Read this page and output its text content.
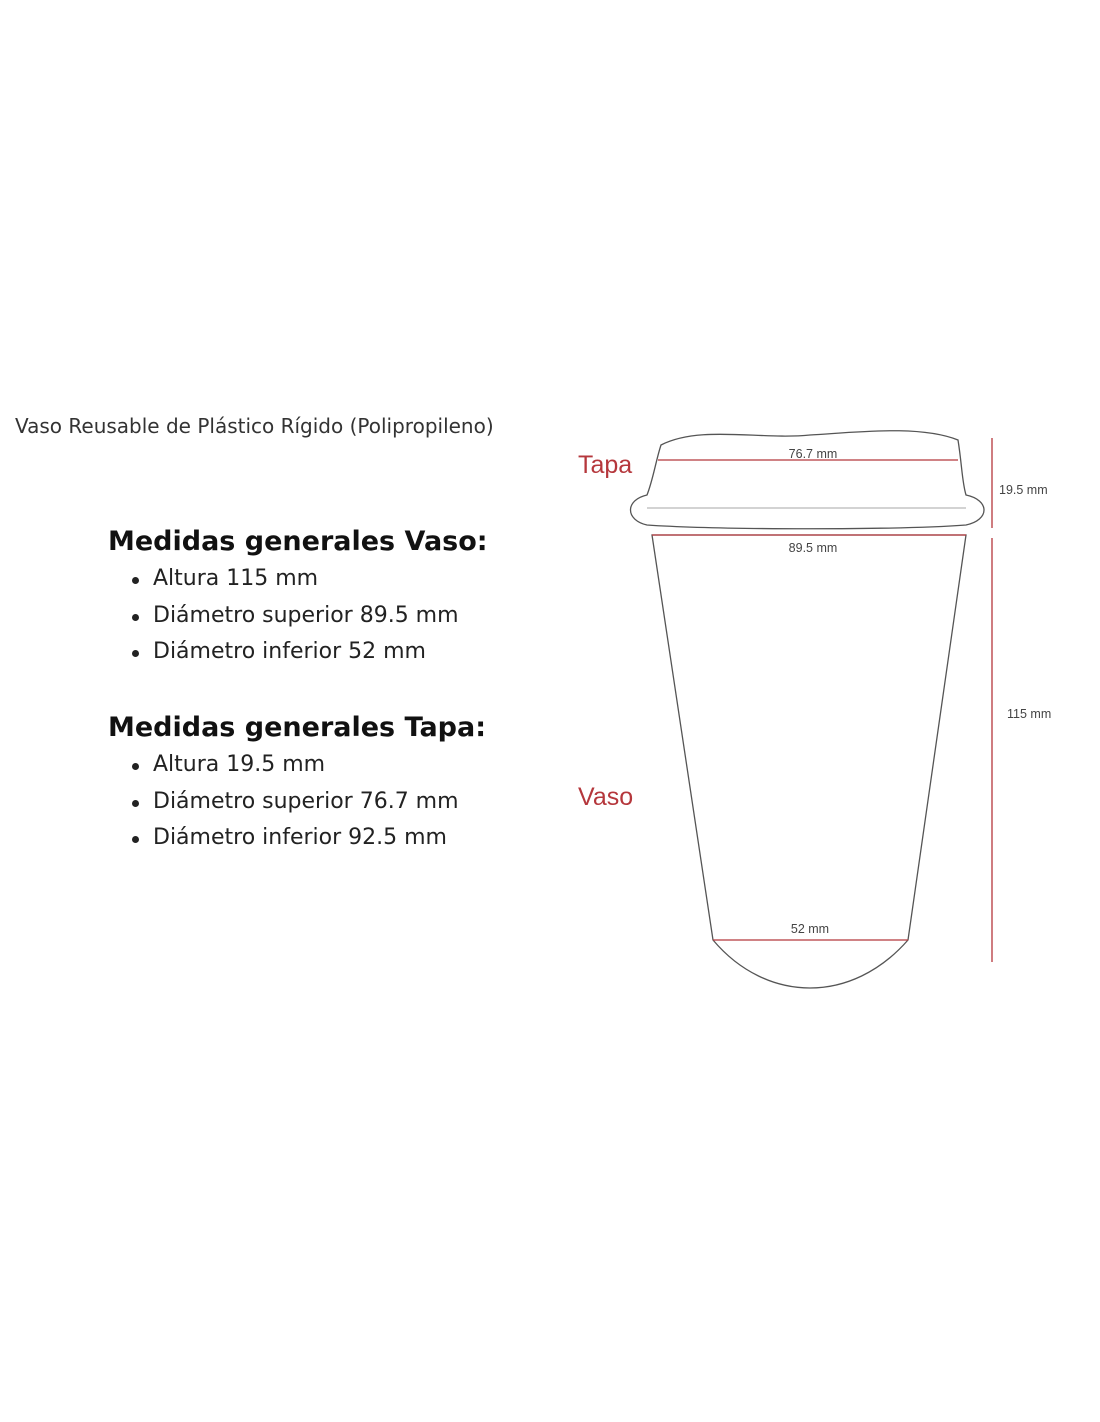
Vaso Reusable de Plástico Rígido (Polipropileno)
Medidas generales Vaso:
Altura 115 mm
Diámetro superior 89.5 mm
Diámetro inferior 52 mm
Medidas generales Tapa:
Altura 19.5 mm
Diámetro superior 76.7 mm
Diámetro inferior 92.5 mm
Tapa
Vaso
76.7 mm
89.5 mm
52 mm
19.5 mm
115 mm
